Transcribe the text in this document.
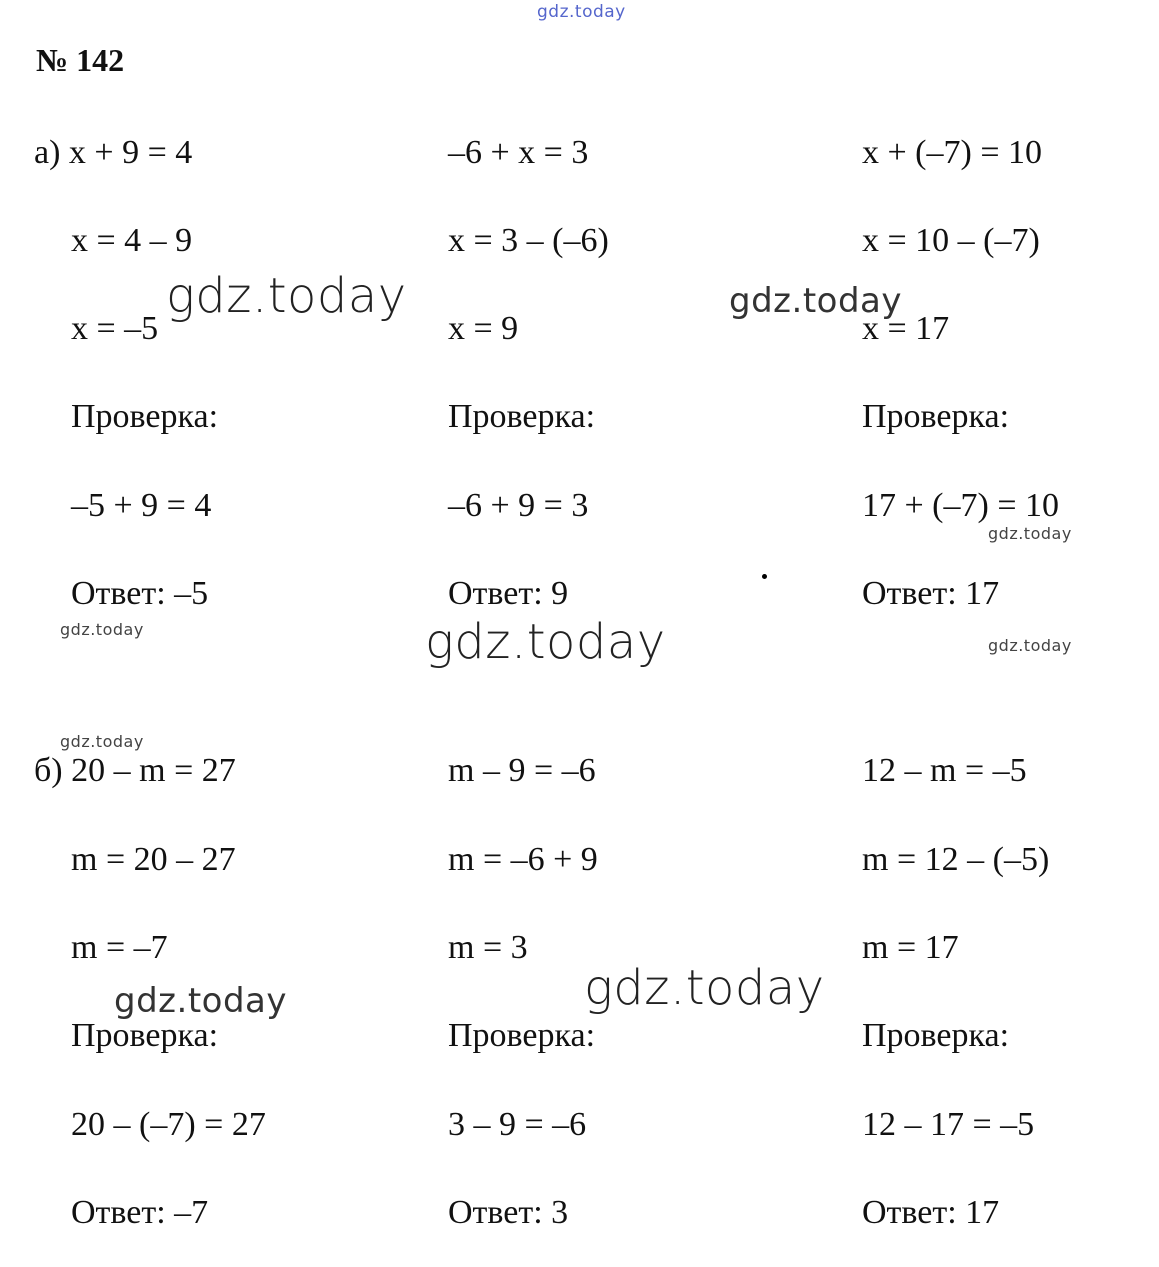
№ 142
а) x + 9 = 4
x = 4 – 9
x = –5
Проверка:
–5 + 9 = 4
Ответ: –5
–6 + x = 3
x = 3 – (–6)
x = 9
Проверка:
–6 + 9 = 3
Ответ: 9
x + (–7) = 10
x = 10 – (–7)
x = 17
Проверка:
17 + (–7) = 10
Ответ: 17
б) 20 – m = 27
m = 20 – 27
m = –7
Проверка:
20 – (–7) = 27
Ответ: –7
m – 9 = –6
m = –6 + 9
m = 3
Проверка:
3 – 9 = –6
Ответ: 3
12 – m = –5
m = 12 – (–5)
m = 17
Проверка:
12 – 17 = –5
Ответ: 17
gdz.today
gdz.today	gdz.today
gdz.today
gdz.today	gdz.today	gdz.today
gdz.today
gdz.today	gdz.today
